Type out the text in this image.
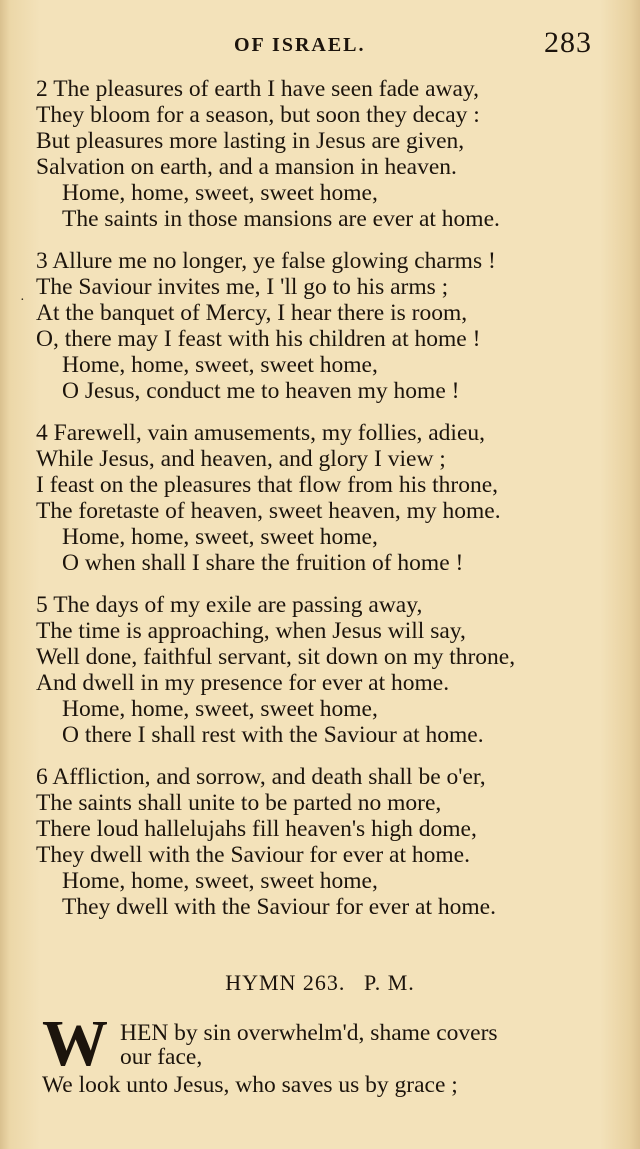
OF ISRAEL.	283
·
2 The pleasures of earth I have seen fade away,
They bloom for a season, but soon they decay :
But pleasures more lasting in Jesus are given,
Salvation on earth, and a mansion in heaven.
Home, home, sweet, sweet home,
The saints in those mansions are ever at home.
3 Allure me no longer, ye false glowing charms !
The Saviour invites me, I 'll go to his arms ;
At the banquet of Mercy, I hear there is room,
O, there may I feast with his children at home !
Home, home, sweet, sweet home,
O Jesus, conduct me to heaven my home !
4 Farewell, vain amusements, my follies, adieu,
While Jesus, and heaven, and glory I view ;
I feast on the pleasures that flow from his throne,
The foretaste of heaven, sweet heaven, my home.
Home, home, sweet, sweet home,
O when shall I share the fruition of home !
5 The days of my exile are passing away,
The time is approaching, when Jesus will say,
Well done, faithful servant, sit down on my throne,
And dwell in my presence for ever at home.
Home, home, sweet, sweet home,
O there I shall rest with the Saviour at home.
6 Affliction, and sorrow, and death shall be o'er,
The saints shall unite to be parted no more,
There loud hallelujahs fill heaven's high dome,
They dwell with the Saviour for ever at home.
Home, home, sweet, sweet home,
They dwell with the Saviour for ever at home.
HYMN 263. P. M.
W HEN by sin overwhelm'd, shame covers
our face,
We look unto Jesus, who saves us by grace ;
